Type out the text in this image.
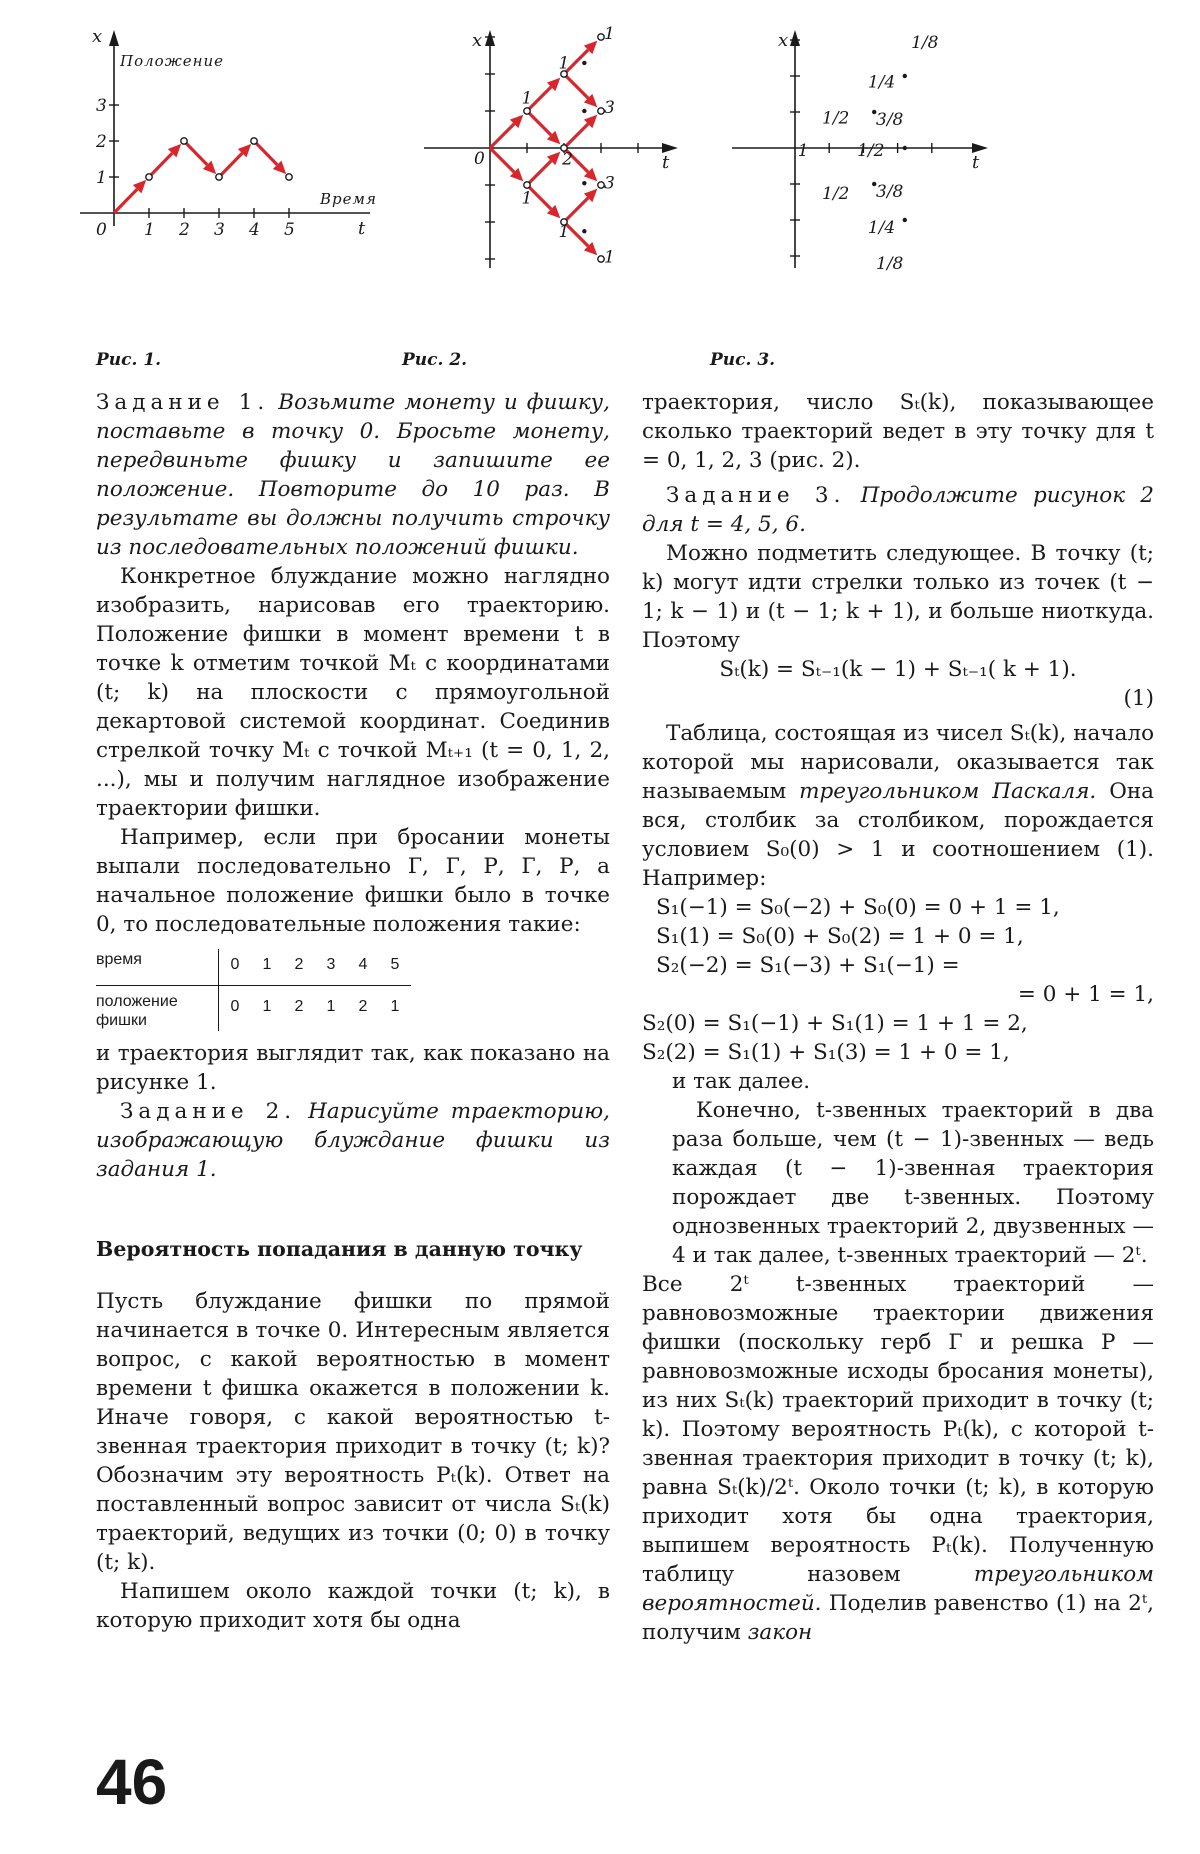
x
Положение
Время
t
1
2
3
0 1 2 3 4 5
Рис. 1.
x
t
0
1
1
1
1
2
3
3
1
1
Рис. 2.
x
t
1/8
1/4
1/2 3/8
1	1/2
1/2 3/8
1/4
1/8
Рис. 3.

Задание 1. Возьмите монету и фишку, поставьте в точку 0. Бросьте монету, передвиньте фишку и запишите ее положение. Повторите до 10 раз. В результате вы должны получить строчку из последовательных положений фишки.

Конкретное блуждание можно наглядно изобразить, нарисовав его траекторию. Положение фишки в момент времени t в точке k отметим точкой Mₜ с координатами (t; k) на плоскости с прямоугольной декартовой системой координат. Соединив стрелкой точку Mₜ с точкой Mₜ₊₁ (t = 0, 1, 2, ...), мы и получим наглядное изображение траектории фишки.

Например, если при бросании монеты выпали последовательно Г, Г, Р, Г, Р, а начальное положение фишки было в точке 0, то последовательные положения такие:

время	0	1	2	3	4	5
положение фишки	0	1	2	1	2	1

и траектория выглядит так, как показано на рисунке 1.

Задание 2. Нарисуйте траекторию, изображающую блуждание фишки из задания 1.

Вероятность попадания в данную точку

Пусть блуждание фишки по прямой начинается в точке 0. Интересным является вопрос, с какой вероятностью в момент времени t фишка окажется в положении k. Иначе говоря, с какой вероятностью t-звенная траектория приходит в точку (t; k)? Обозначим эту вероятность Pₜ(k). Ответ на поставленный вопрос зависит от числа Sₜ(k) траекторий, ведущих из точки (0; 0) в точку (t; k).

Напишем около каждой точки (t; k), в которую приходит хотя бы одна

траектория, число Sₜ(k), показывающее сколько траекторий ведет в эту точку для t = 0, 1, 2, 3 (рис. 2).

Задание 3. Продолжите рисунок 2 для t = 4, 5, 6.

Можно подметить следующее. В точку (t; k) могут идти стрелки только из точек (t − 1; k − 1) и (t − 1; k + 1), и больше ниоткуда. Поэтому

Sₜ(k) = Sₜ₋₁(k − 1) + Sₜ₋₁( k + 1).

(1)

Таблица, состоящая из чисел Sₜ(k), начало которой мы нарисовали, оказывается так называемым треугольником Паскаля. Она вся, столбик за столбиком, порождается условием S₀(0) > 1 и соотношением (1). Например:

S₁(−1) = S₀(−2) + S₀(0) = 0 + 1 = 1,

S₁(1) = S₀(0) + S₀(2) = 1 + 0 = 1,

S₂(−2) = S₁(−3) + S₁(−1) =

= 0 + 1 = 1,

S₂(0) = S₁(−1) + S₁(1) = 1 + 1 = 2,

S₂(2) = S₁(1) + S₁(3) = 1 + 0 = 1,

и так далее.

Конечно, t-звенных траекторий в два раза больше, чем (t − 1)-звенных — ведь каждая (t − 1)-звенная траектория порождает две t-звенных. Поэтому однозвенных траекторий 2, двузвенных — 4 и так далее, t-звенных траекторий — 2ᵗ.

Все 2ᵗ t-звенных траекторий — равновозможные траектории движения фишки (поскольку герб Г и решка Р — равновозможные исходы бросания монеты), из них Sₜ(k) траекторий приходит в точку (t; k). Поэтому вероятность Pₜ(k), с которой t-звенная траектория приходит в точку (t; k), равна Sₜ(k)/2ᵗ. Около точки (t; k), в которую приходит хотя бы одна траектория, выпишем вероятность Pₜ(k). Полученную таблицу назовем	треугольником вероятностей. Поделив равенство (1) на 2ᵗ, получим закон

46
